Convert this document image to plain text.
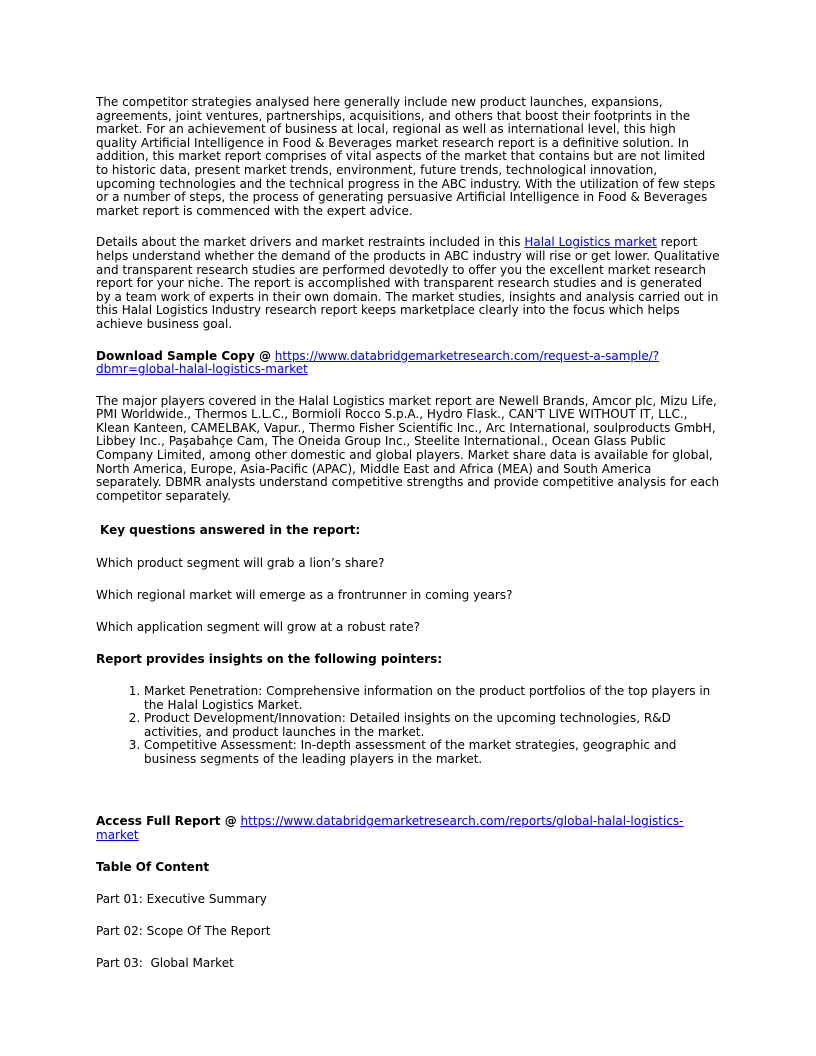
The competitor strategies analysed here generally include new product launches, expansions, agreements, joint ventures, partnerships, acquisitions, and others that boost their footprints in the market. For an achievement of business at local, regional as well as international level, this high quality Artificial Intelligence in Food & Beverages market research report is a definitive solution. In addition, this market report comprises of vital aspects of the market that contains but are not limited to historic data, present market trends, environment, future trends, technological innovation, upcoming technologies and the technical progress in the ABC industry. With the utilization of few steps or a number of steps, the process of generating persuasive Artificial Intelligence in Food & Beverages market report is commenced with the expert advice.

Details about the market drivers and market restraints included in this Halal Logistics market report helps understand whether the demand of the products in ABC industry will rise or get lower. Qualitative and transparent research studies are performed devotedly to offer you the excellent market research report for your niche. The report is accomplished with transparent research studies and is generated by a team work of experts in their own domain. The market studies, insights and analysis carried out in this Halal Logistics Industry research report keeps marketplace clearly into the focus which helps achieve business goal.

Download Sample Copy @ https://www.databridgemarketresearch.com/request-a-sample/?dbmr=global-halal-logistics-market

The major players covered in the Halal Logistics market report are Newell Brands, Amcor plc, Mizu Life, PMI Worldwide., Thermos L.L.C., Bormioli Rocco S.p.A., Hydro Flask., CAN'T LIVE WITHOUT IT, LLC., Klean Kanteen, CAMELBAK, Vapur., Thermo Fisher Scientific Inc., Arc International, soulproducts GmbH, Libbey Inc., Paşabahçe Cam, The Oneida Group Inc., Steelite International., Ocean Glass Public Company Limited, among other domestic and global players. Market share data is available for global, North America, Europe, Asia-Pacific (APAC), Middle East and Africa (MEA) and South America separately. DBMR analysts understand competitive strengths and provide competitive analysis for each competitor separately.

Key questions answered in the report:

Which product segment will grab a lion’s share?

Which regional market will emerge as a frontrunner in coming years?

Which application segment will grow at a robust rate?

Report provides insights on the following pointers:

1. Market Penetration: Comprehensive information on the product portfolios of the top players in the Halal Logistics Market.
2. Product Development/Innovation: Detailed insights on the upcoming technologies, R&D activities, and product launches in the market.
3. Competitive Assessment: In-depth assessment of the market strategies, geographic and business segments of the leading players in the market.

Access Full Report @ https://www.databridgemarketresearch.com/reports/global-halal-logistics-market

Table Of Content

Part 01: Executive Summary

Part 02: Scope Of The Report

Part 03:  Global Market
